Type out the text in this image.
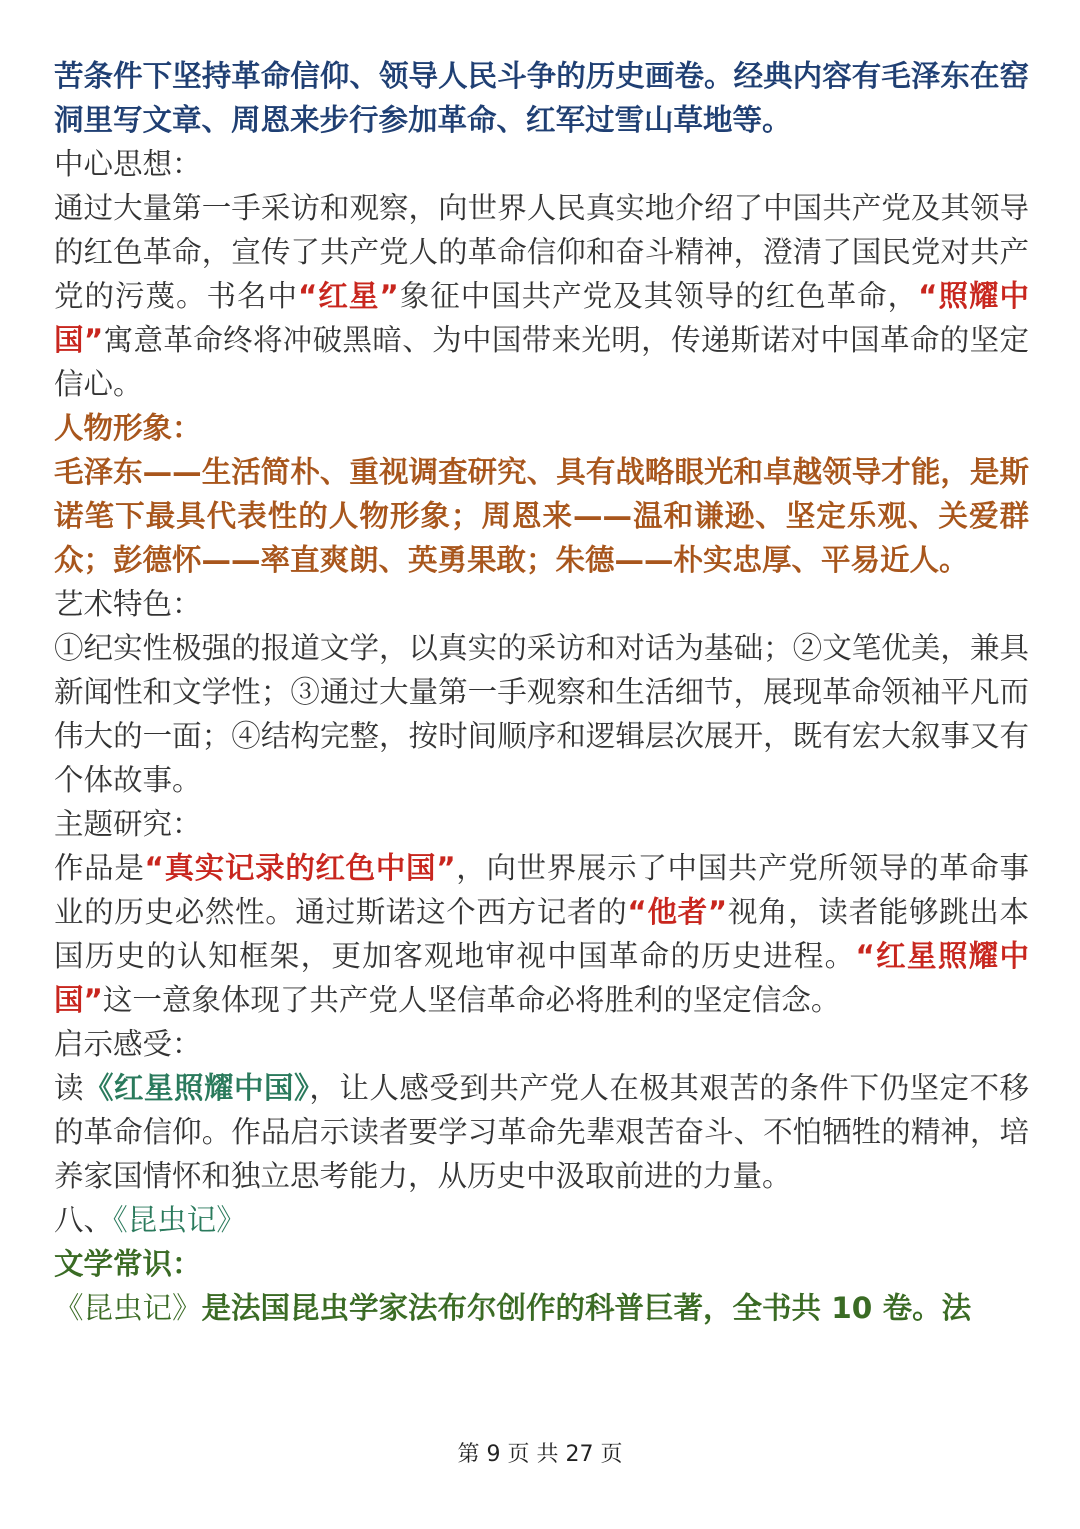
苦条件下坚持革命信仰、领导人民斗争的历史画卷。经典内容有毛泽东在窑洞里写文章、周恩来步行参加革命、红军过雪山草地等。

中心思想：

通过大量第一手采访和观察，向世界人民真实地介绍了中国共产党及其领导的红色革命，宣传了共产党人的革命信仰和奋斗精神，澄清了国民党对共产党的污蔑。书名中“红星”象征中国共产党及其领导的红色革命，“照耀中国”寓意革命终将冲破黑暗、为中国带来光明，传递斯诺对中国革命的坚定信心。

人物形象：

毛泽东——生活简朴、重视调查研究、具有战略眼光和卓越领导才能，是斯诺笔下最具代表性的人物形象；周恩来——温和谦逊、坚定乐观、关爱群众；彭德怀——率直爽朗、英勇果敢；朱德——朴实忠厚、平易近人。

艺术特色：

①纪实性极强的报道文学，以真实的采访和对话为基础；②文笔优美，兼具新闻性和文学性；③通过大量第一手观察和生活细节，展现革命领袖平凡而伟大的一面；④结构完整，按时间顺序和逻辑层次展开，既有宏大叙事又有个体故事。

主题研究：

作品是“真实记录的红色中国”，向世界展示了中国共产党所领导的革命事业的历史必然性。通过斯诺这个西方记者的“他者”视角，读者能够跳出本国历史的认知框架，更加客观地审视中国革命的历史进程。“红星照耀中国”这一意象体现了共产党人坚信革命必将胜利的坚定信念。

启示感受：

读《红星照耀中国》，让人感受到共产党人在极其艰苦的条件下仍坚定不移的革命信仰。作品启示读者要学习革命先辈艰苦奋斗、不怕牺牲的精神，培养家国情怀和独立思考能力，从历史中汲取前进的力量。

八、《昆虫记》

文学常识：

《昆虫记》是法国昆虫学家法布尔创作的科普巨著，全书共 10 卷。法

第 9 页 共 27 页
